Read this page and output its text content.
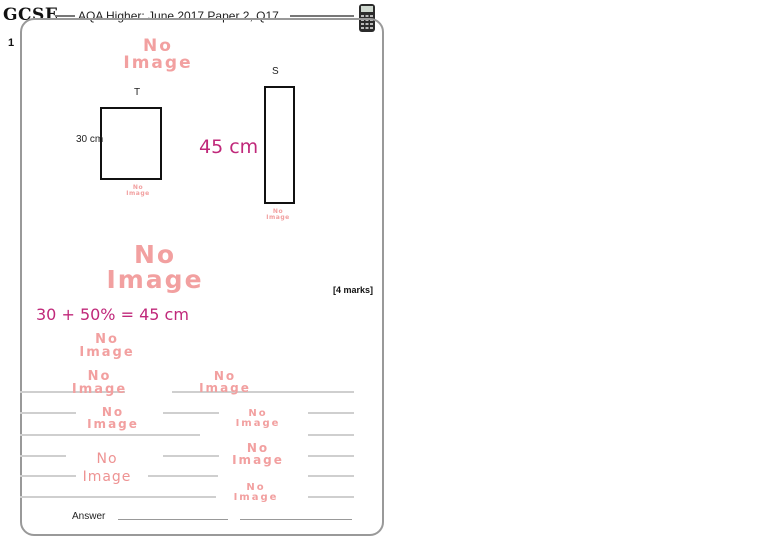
GCSE AQA Higher: June 2017 Paper 2, Q17
1	No
Image
T
30 cm
No
Image
S
45 cm
No
Image
No
Image	[4 marks]
30 + 50% = 45 cm
No
Image
No
Image
No
Image
No
Image
No
Image
No
Image
No
Image
No
Image
Answer
